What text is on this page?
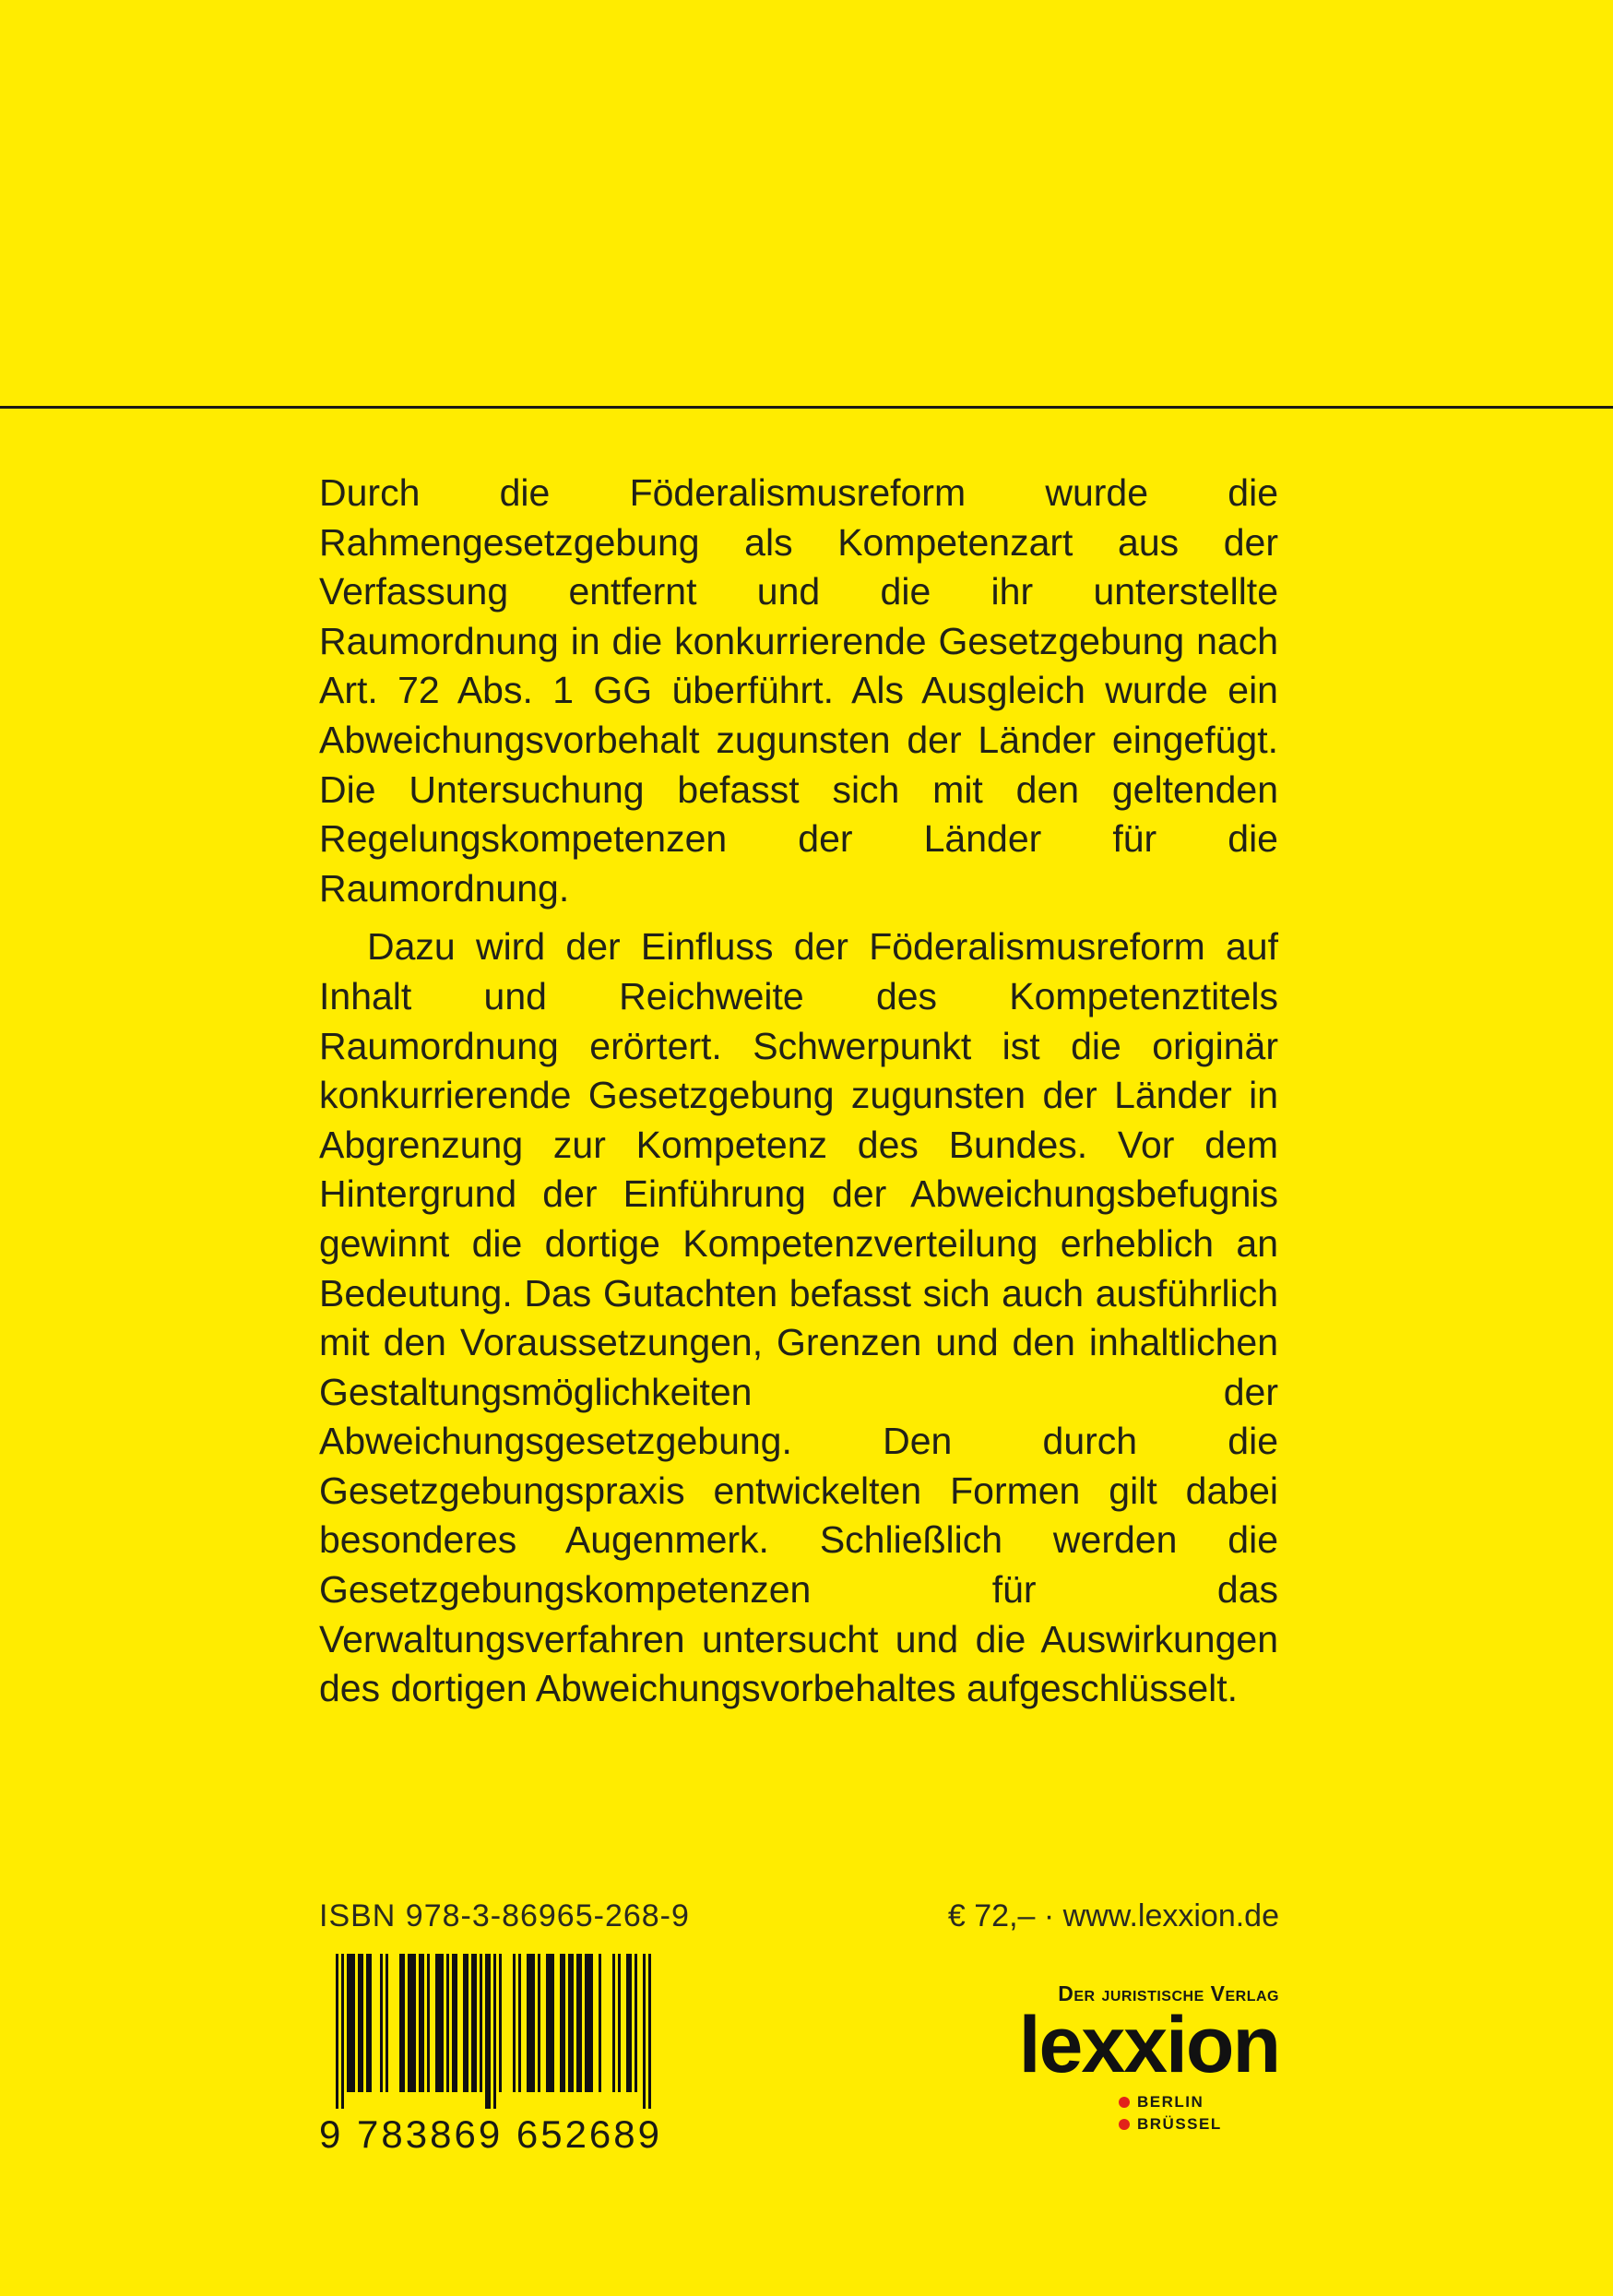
Durch die Föderalismusreform wurde die Rahmengesetzgebung als Kompetenzart aus der Verfassung entfernt und die ihr unterstellte Raumordnung in die konkurrierende Gesetzgebung nach Art. 72 Abs. 1 GG überführt. Als Ausgleich wurde ein Abweichungsvorbehalt zugunsten der Länder eingefügt. Die Untersuchung befasst sich mit den geltenden Regelungskompetenzen der Länder für die Raumordnung.

Dazu wird der Einfluss der Föderalismusreform auf Inhalt und Reichweite des Kompetenztitels Raumordnung erörtert. Schwerpunkt ist die originär konkurrierende Gesetzgebung zugunsten der Länder in Abgrenzung zur Kompetenz des Bundes. Vor dem Hintergrund der Einführung der Abweichungsbefugnis gewinnt die dortige Kompetenzverteilung erheblich an Bedeutung. Das Gutachten befasst sich auch ausführlich mit den Voraussetzungen, Grenzen und den inhaltlichen Gestaltungsmöglichkeiten der Abweichungsgesetzgebung. Den durch die Gesetzgebungspraxis entwickelten Formen gilt dabei besonderes Augenmerk. Schließlich werden die Gesetzgebungskompetenzen für das Verwaltungsverfahren untersucht und die Auswirkungen des dortigen Abweichungsvorbehaltes aufgeschlüsselt.

ISBN 978-3-86965-268-9	€ 72,– · www.lexxion.de
9 783869 652689
Der juristische Verlag
lexxion
BERLIN
BRÜSSEL
